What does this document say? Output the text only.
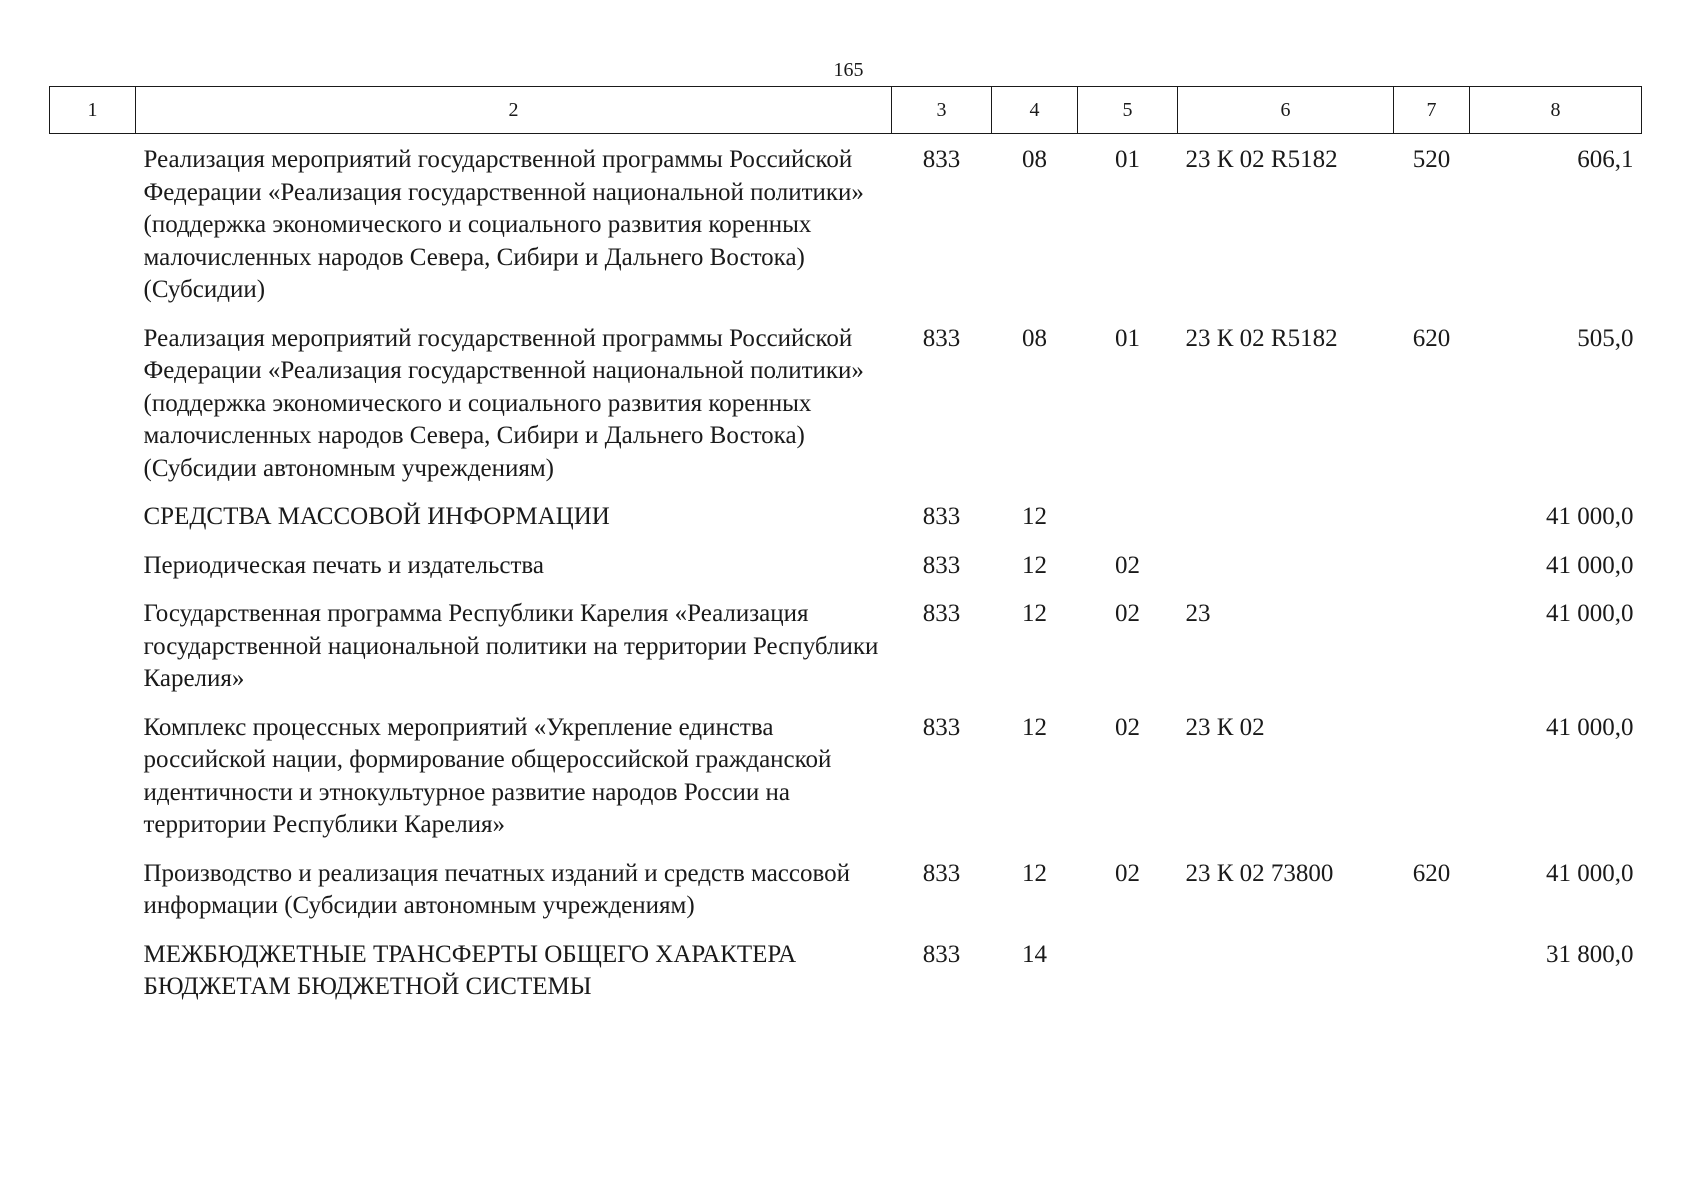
165
1	2	3	4	5	6	7	8
	Реализация мероприятий государственной программы Российской Федерации «Реализация государственной национальной политики» (поддержка экономического и социального развития коренных малочисленных народов Севера, Сибири и Дальнего Востока) (Субсидии)	833	08	01	23 К 02 R5182	520	606,1
	Реализация мероприятий государственной программы Российской Федерации «Реализация государственной национальной политики» (поддержка экономического и социального развития коренных малочисленных народов Севера, Сибири и Дальнего Востока) (Субсидии автономным учреждениям)	833	08	01	23 К 02 R5182	620	505,0
	СРЕДСТВА МАССОВОЙ ИНФОРМАЦИИ	833	12				41 000,0
	Периодическая печать и издательства	833	12	02			41 000,0
	Государственная программа Республики Карелия «Реализация государственной национальной политики на территории Республики Карелия»	833	12	02	23		41 000,0
	Комплекс процессных мероприятий «Укрепление единства российской нации, формирование общероссийской гражданской идентичности и этнокультурное развитие народов России на территории Республики Карелия»	833	12	02	23 К 02		41 000,0
	Производство и реализация печатных изданий и средств массовой информации (Субсидии автономным учреждениям)	833	12	02	23 К 02 73800	620	41 000,0
	МЕЖБЮДЖЕТНЫЕ ТРАНСФЕРТЫ ОБЩЕГО ХАРАКТЕРА БЮДЖЕТАМ БЮДЖЕТНОЙ СИСТЕМЫ	833	14				31 800,0
